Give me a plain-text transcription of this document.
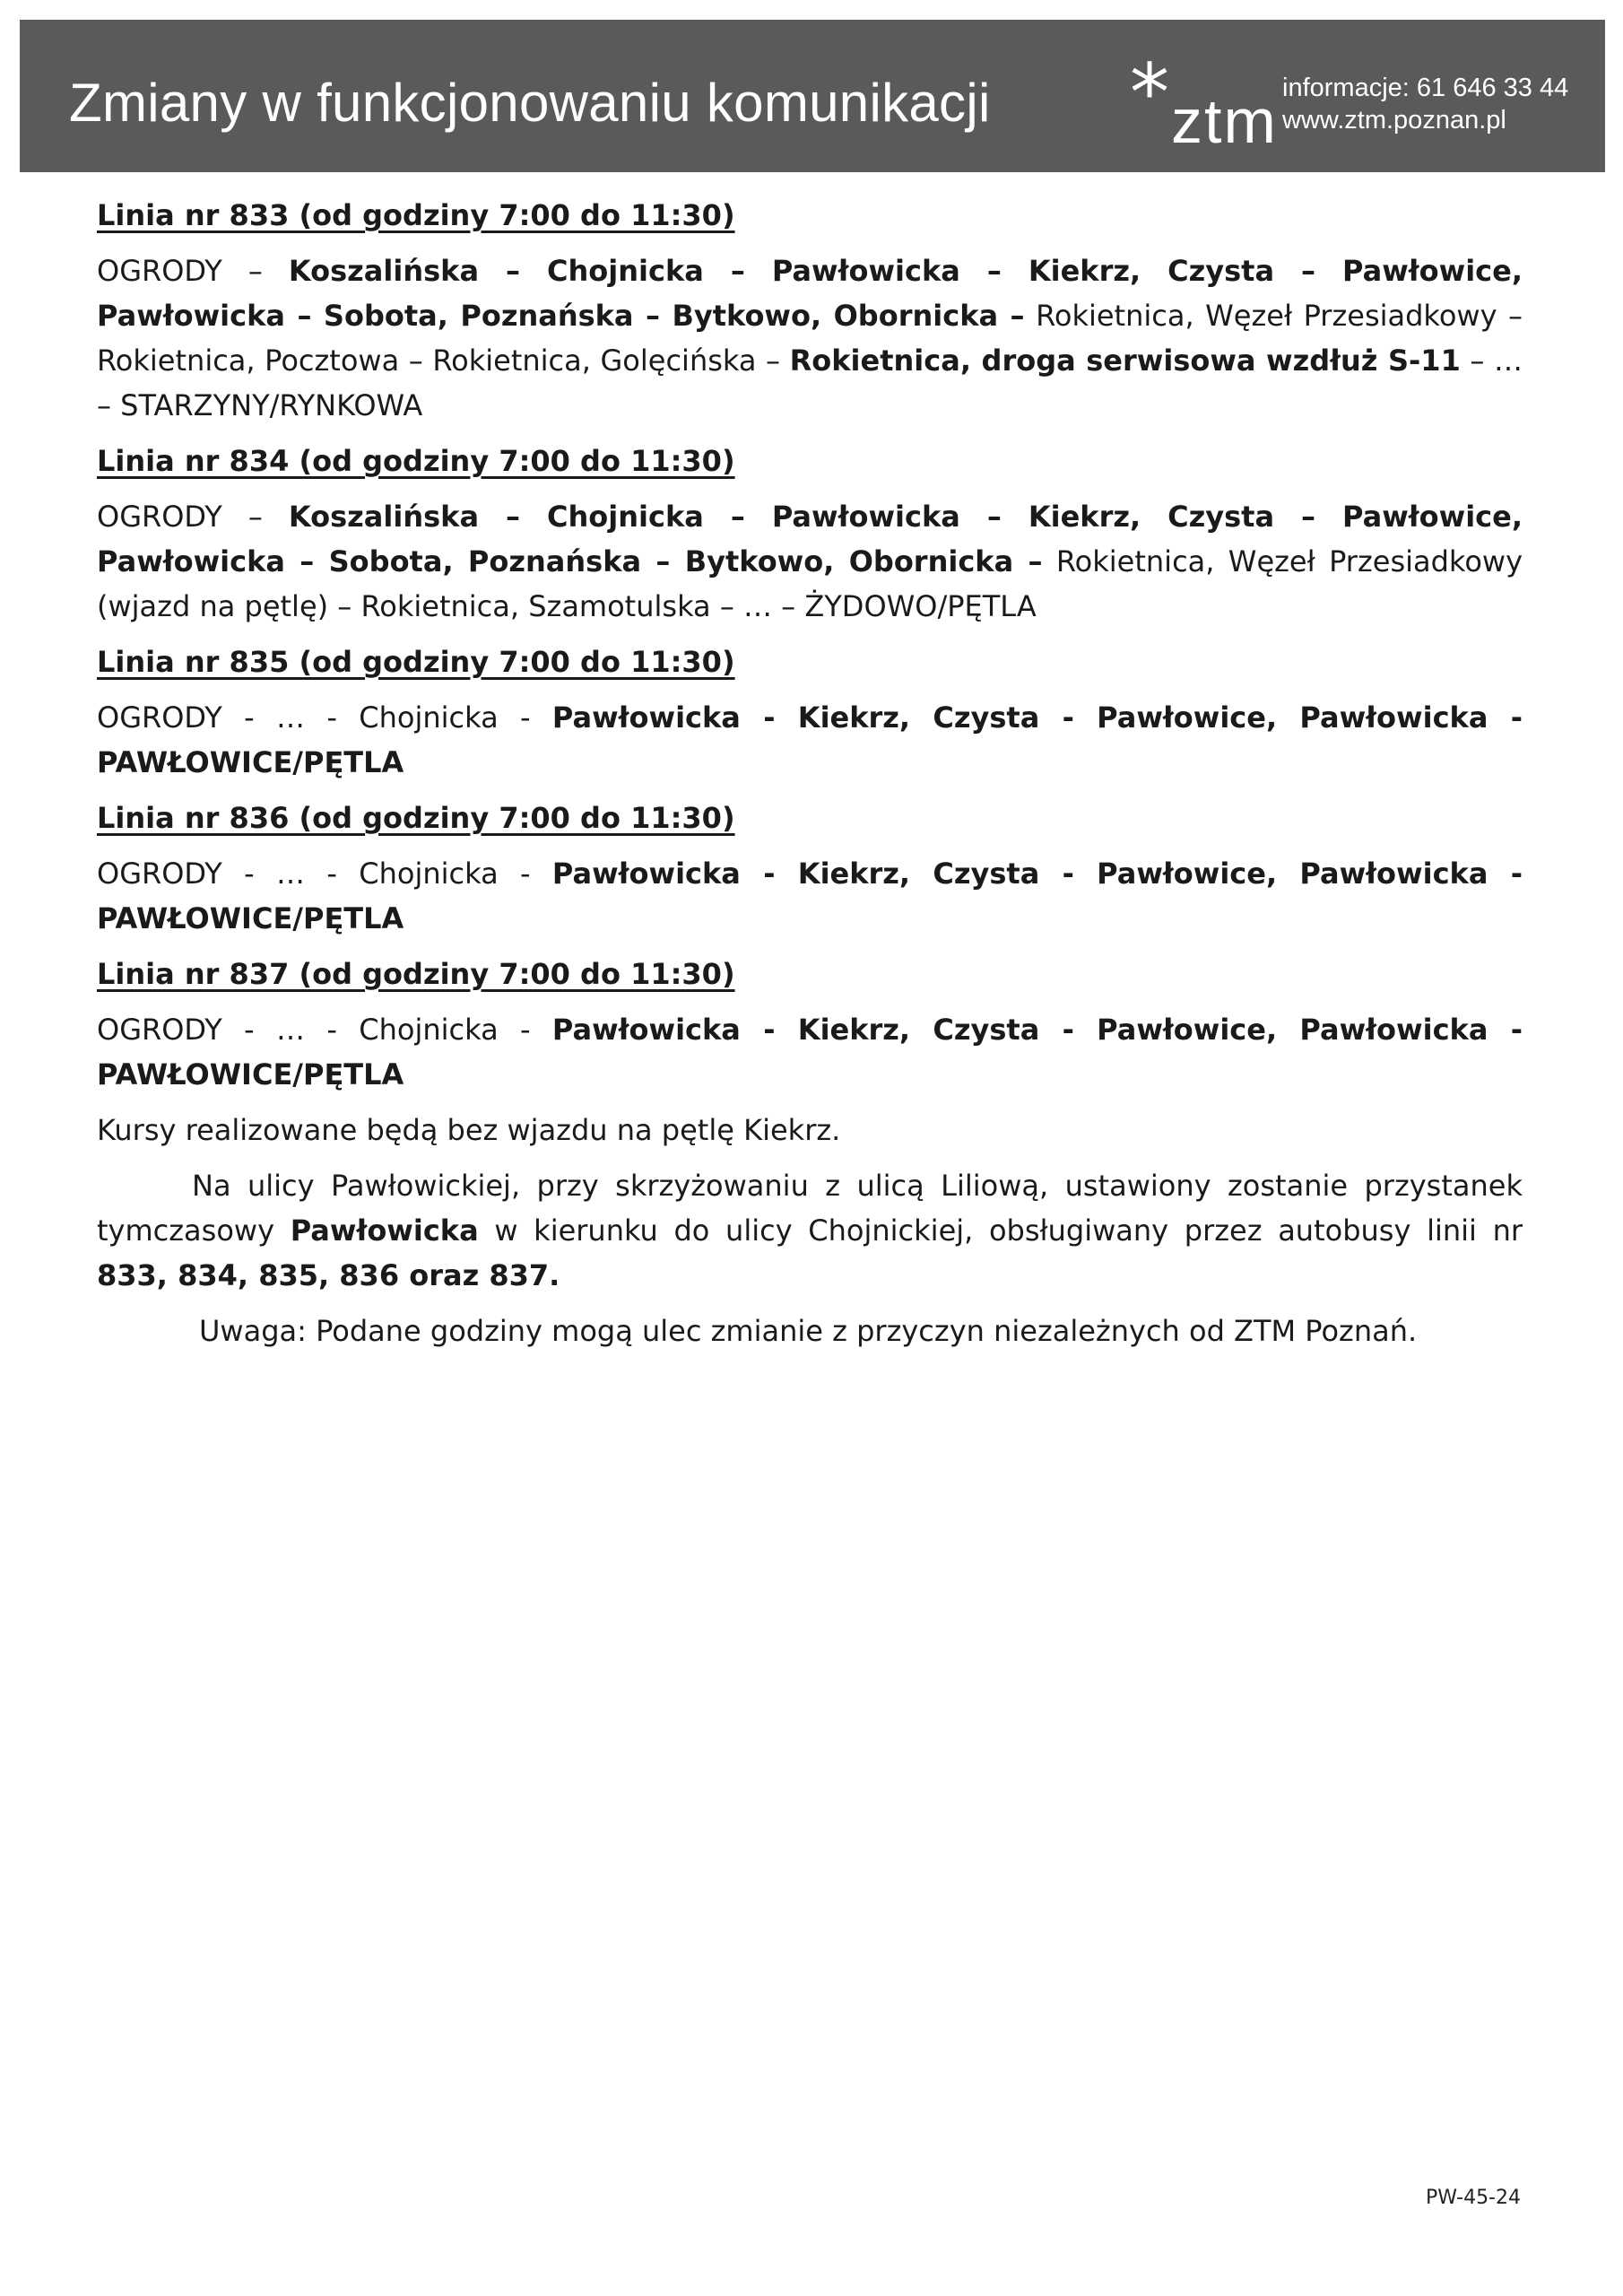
Zmiany w funkcjonowaniu komunikacji * ztm informacje: 61 646 33 44
www.ztm.poznan.pl
Linia nr 833 (od godziny 7:00 do 11:30)
OGRODY – Koszalińska – Chojnicka – Pawłowicka – Kiekrz, Czysta – Pawłowice, Pawłowicka – Sobota, Poznańska – Bytkowo, Obornicka – Rokietnica, Węzeł Przesiadkowy – Rokietnica, Pocztowa – Rokietnica, Golęcińska – Rokietnica, droga serwisowa wzdłuż S-11 – … – STARZYNY/RYNKOWA
Linia nr 834 (od godziny 7:00 do 11:30)
OGRODY – Koszalińska – Chojnicka – Pawłowicka – Kiekrz, Czysta – Pawłowice, Pawłowicka – Sobota, Poznańska – Bytkowo, Obornicka – Rokietnica, Węzeł Przesiadkowy (wjazd na pętlę) – Rokietnica, Szamotulska – … – ŻYDOWO/PĘTLA
Linia nr 835 (od godziny 7:00 do 11:30)
OGRODY - … - Chojnicka - Pawłowicka - Kiekrz, Czysta - Pawłowice, Pawłowicka - PAWŁOWICE/PĘTLA
Linia nr 836 (od godziny 7:00 do 11:30)
OGRODY - … - Chojnicka - Pawłowicka - Kiekrz, Czysta - Pawłowice, Pawłowicka - PAWŁOWICE/PĘTLA
Linia nr 837 (od godziny 7:00 do 11:30)
OGRODY - … - Chojnicka - Pawłowicka - Kiekrz, Czysta - Pawłowice, Pawłowicka - PAWŁOWICE/PĘTLA
Kursy realizowane będą bez wjazdu na pętlę Kiekrz.
Na ulicy Pawłowickiej, przy skrzyżowaniu z ulicą Liliową, ustawiony zostanie przystanek tymczasowy Pawłowicka w kierunku do ulicy Chojnickiej, obsługiwany przez autobusy linii nr 833, 834, 835, 836 oraz 837.
Uwaga: Podane godziny mogą ulec zmianie z przyczyn niezależnych od ZTM Poznań.
PW-45-24
